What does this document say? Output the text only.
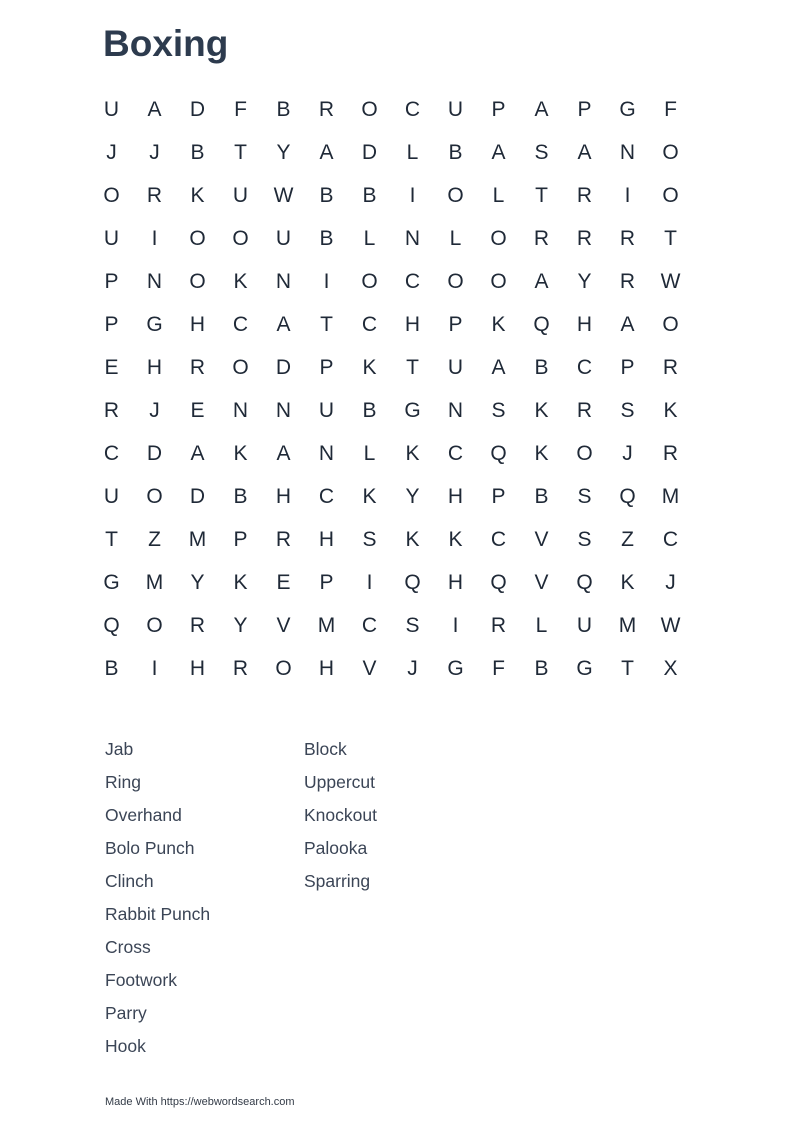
Boxing
U	A	D	F	B	R	O	C	U	P	A	P	G	F
J	J	B	T	Y	A	D	L	B	A	S	A	N	O
O	R	K	U	W	B	B	I	O	L	T	R	I	O
U	I	O	O	U	B	L	N	L	O	R	R	R	T
P	N	O	K	N	I	O	C	O	O	A	Y	R	W
P	G	H	C	A	T	C	H	P	K	Q	H	A	O
E	H	R	O	D	P	K	T	U	A	B	C	P	R
R	J	E	N	N	U	B	G	N	S	K	R	S	K
C	D	A	K	A	N	L	K	C	Q	K	O	J	R
U	O	D	B	H	C	K	Y	H	P	B	S	Q	M
T	Z	M	P	R	H	S	K	K	C	V	S	Z	C
G	M	Y	K	E	P	I	Q	H	Q	V	Q	K	J
Q	O	R	Y	V	M	C	S	I	R	L	U	M	W
B	I	H	R	O	H	V	J	G	F	B	G	T	X
Jab
Ring
Overhand
Bolo Punch
Clinch
Rabbit Punch
Cross
Footwork
Parry
Hook
Block
Uppercut
Knockout
Palooka
Sparring
Made With https://webwordsearch.com
